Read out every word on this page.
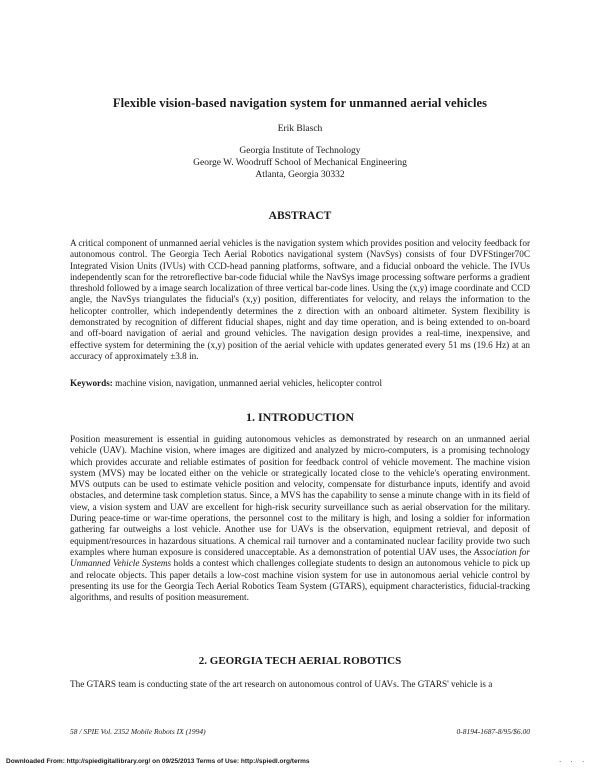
Flexible vision-based navigation system for unmanned aerial vehicles
Erik Blasch
Georgia Institute of Technology
George W. Woodruff School of Mechanical Engineering
Atlanta, Georgia 30332
ABSTRACT
A critical component of unmanned aerial vehicles is the navigation system which provides position and velocity feedback for autonomous control. The Georgia Tech Aerial Robotics navigational system (NavSys) consists of four DVFStinger70C Integrated Vision Units (IVUs) with CCD-head panning platforms, software, and a fiducial onboard the vehicle. The IVUs independently scan for the retroreflective bar-code fiducial while the NavSys image processing software performs a gradient threshold followed by a image search localization of three vertical bar-code lines. Using the (x,y) image coordinate and CCD angle, the NavSys triangulates the fiducial's (x,y) position, differentiates for velocity, and relays the information to the helicopter controller, which independently determines the z direction with an onboard altimeter. System flexibility is demonstrated by recognition of different fiducial shapes, night and day time operation, and is being extended to on-board and off-board navigation of aerial and ground vehicles. The navigation design provides a real-time, inexpensive, and effective system for determining the (x,y) position of the aerial vehicle with updates generated every 51 ms (19.6 Hz) at an accuracy of approximately ±3.8 in.
Keywords: machine vision, navigation, unmanned aerial vehicles, helicopter control
1. INTRODUCTION
Position measurement is essential in guiding autonomous vehicles as demonstrated by research on an unmanned aerial vehicle (UAV). Machine vision, where images are digitized and analyzed by micro-computers, is a promising technology which provides accurate and reliable estimates of position for feedback control of vehicle movement. The machine vision system (MVS) may be located either on the vehicle or strategically located close to the vehicle's operating environment. MVS outputs can be used to estimate vehicle position and velocity, compensate for disturbance inputs, identify and avoid obstacles, and determine task completion status. Since, a MVS has the capability to sense a minute change with in its field of view, a vision system and UAV are excellent for high-risk security surveillance such as aerial observation for the military. During peace-time or war-time operations, the personnel cost to the military is high, and losing a soldier for information gathering far outweighs a lost vehicle. Another use for UAVs is the observation, equipment retrieval, and deposit of equipment/resources in hazardous situations. A chemical rail turnover and a contaminated nuclear facility provide two such examples where human exposure is considered unacceptable. As a demonstration of potential UAV uses, the Association for Unmanned Vehicle Systems holds a contest which challenges collegiate students to design an autonomous vehicle to pick up and relocate objects. This paper details a low-cost machine vision system for use in autonomous aerial vehicle control by presenting its use for the Georgia Tech Aerial Robotics Team System (GTARS), equipment characteristics, fiducial-tracking algorithms, and results of position measurement.
2. GEORGIA TECH AERIAL ROBOTICS
The GTARS team is conducting state of the art research on autonomous control of UAVs. The GTARS' vehicle is a
58 / SPIE Vol. 2352 Mobile Robots IX (1994)	0-8194-1687-8/95/$6.00
Downloaded From: http://spiedigitallibrary.org/ on 09/25/2013 Terms of Use: http://spiedl.org/terms	. . .
